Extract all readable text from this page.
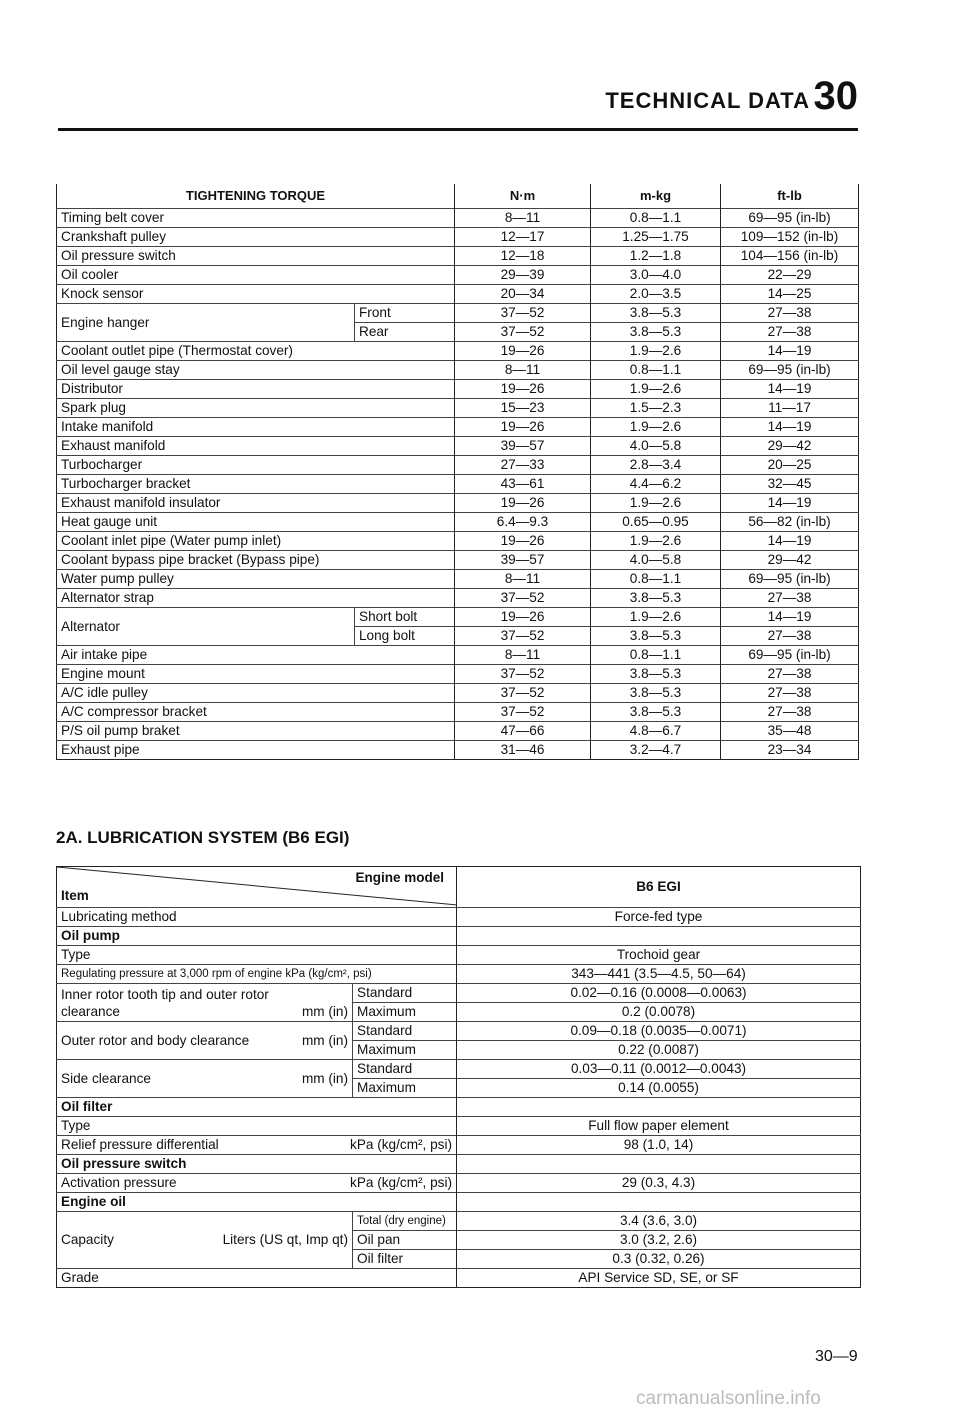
TECHNICAL DATA 30
TIGHTENING TORQUE		N·m	m-kg	ft-lb
Timing belt cover		8—11	0.8—1.1	69—95 (in-lb)
Crankshaft pulley		12—17	1.25—1.75	109—152 (in-lb)
Oil pressure switch		12—18	1.2—1.8	104—156 (in-lb)
Oil cooler		29—39	3.0—4.0	22—29
Knock sensor		20—34	2.0—3.5	14—25
Engine hanger	Front	37—52	3.8—5.3	27—38
	Rear	37—52	3.8—5.3	27—38
Coolant outlet pipe (Thermostat cover)		19—26	1.9—2.6	14—19
Oil level gauge stay		8—11	0.8—1.1	69—95 (in-lb)
Distributor		19—26	1.9—2.6	14—19
Spark plug		15—23	1.5—2.3	11—17
Intake manifold		19—26	1.9—2.6	14—19
Exhaust manifold		39—57	4.0—5.8	29—42
Turbocharger		27—33	2.8—3.4	20—25
Turbocharger bracket		43—61	4.4—6.2	32—45
Exhaust manifold insulator		19—26	1.9—2.6	14—19
Heat gauge unit		6.4—9.3	0.65—0.95	56—82 (in-lb)
Coolant inlet pipe (Water pump inlet)		19—26	1.9—2.6	14—19
Coolant bypass pipe bracket (Bypass pipe)		39—57	4.0—5.8	29—42
Water pump pulley		8—11	0.8—1.1	69—95 (in-lb)
Alternator strap		37—52	3.8—5.3	27—38
Alternator	Short bolt	19—26	1.9—2.6	14—19
	Long bolt	37—52	3.8—5.3	27—38
Air intake pipe		8—11	0.8—1.1	69—95 (in-lb)
Engine mount		37—52	3.8—5.3	27—38
A/C idle pulley		37—52	3.8—5.3	27—38
A/C compressor bracket		37—52	3.8—5.3	27—38
P/S oil pump braket		47—66	4.8—6.7	35—48
Exhaust pipe		31—46	3.2—4.7	23—34
2A. LUBRICATION SYSTEM (B6 EGI)
Engine model
Item		B6 EGI
Lubricating method		Force-fed type
Oil pump		
Type		Trochoid gear
Regulating pressure at 3,000 rpm of engine kPa (kg/cm², psi)		343—441 (3.5—4.5, 50—64)

Inner rotor tooth tip and outer rotor
clearance mm (in)	Standard	0.02—0.16 (0.0008—0.0063)
	Maximum	0.2 (0.0078)

Outer rotor and body clearance mm (in)	Standard	0.09—0.18 (0.0035—0.0071)
	Maximum	0.22 (0.0087)

Side clearance mm (in)	Standard	0.03—0.11 (0.0012—0.0043)
	Maximum	0.14 (0.0055)
Oil filter		
Type		Full flow paper element

Relief pressure differential kPa (kg/cm², psi)		98 (1.0, 14)
Oil pressure switch		

Activation pressure kPa (kg/cm², psi)		29 (0.3, 4.3)
Engine oil		

Capacity Liters (US qt, Imp qt)	Total (dry engine)	3.4 (3.6, 3.0)
	Oil pan	3.0 (3.2, 2.6)
	Oil filter	0.3 (0.32, 0.26)
Grade		API Service SD, SE, or SF
30—9
carmanualsonline.info
